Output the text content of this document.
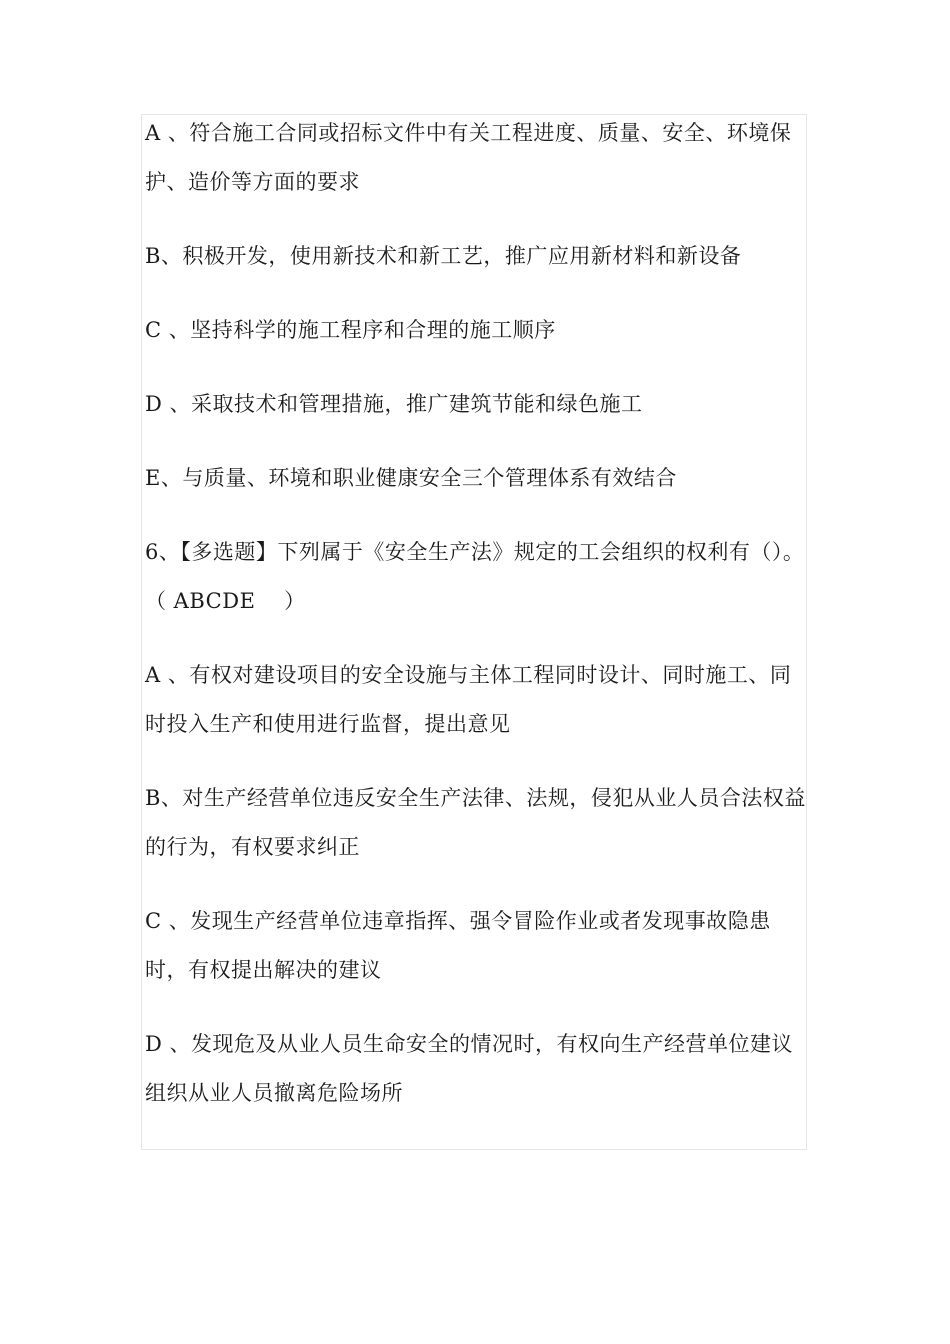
A 、符合施工合同或招标文件中有关工程进度、质量、安全、环境保护、造价等方面的要求

B、积极开发，使用新技术和新工艺，推广应用新材料和新设备

C 、坚持科学的施工程序和合理的施工顺序

D 、采取技术和管理措施，推广建筑节能和绿色施工

E、与质量、环境和职业健康安全三个管理体系有效结合

6、【多选题】下列属于《安全生产法》规定的工会组织的权利有（）。

（ ABCDE　 ）

A 、有权对建设项目的安全设施与主体工程同时设计、同时施工、同时投入生产和使用进行监督，提出意见

B、对生产经营单位违反安全生产法律、法规，侵犯从业人员合法权益的行为，有权要求纠正

C 、发现生产经营单位违章指挥、强令冒险作业或者发现事故隐患时，有权提出解决的建议

D 、发现危及从业人员生命安全的情况时，有权向生产经营单位建议组织从业人员撤离危险场所
